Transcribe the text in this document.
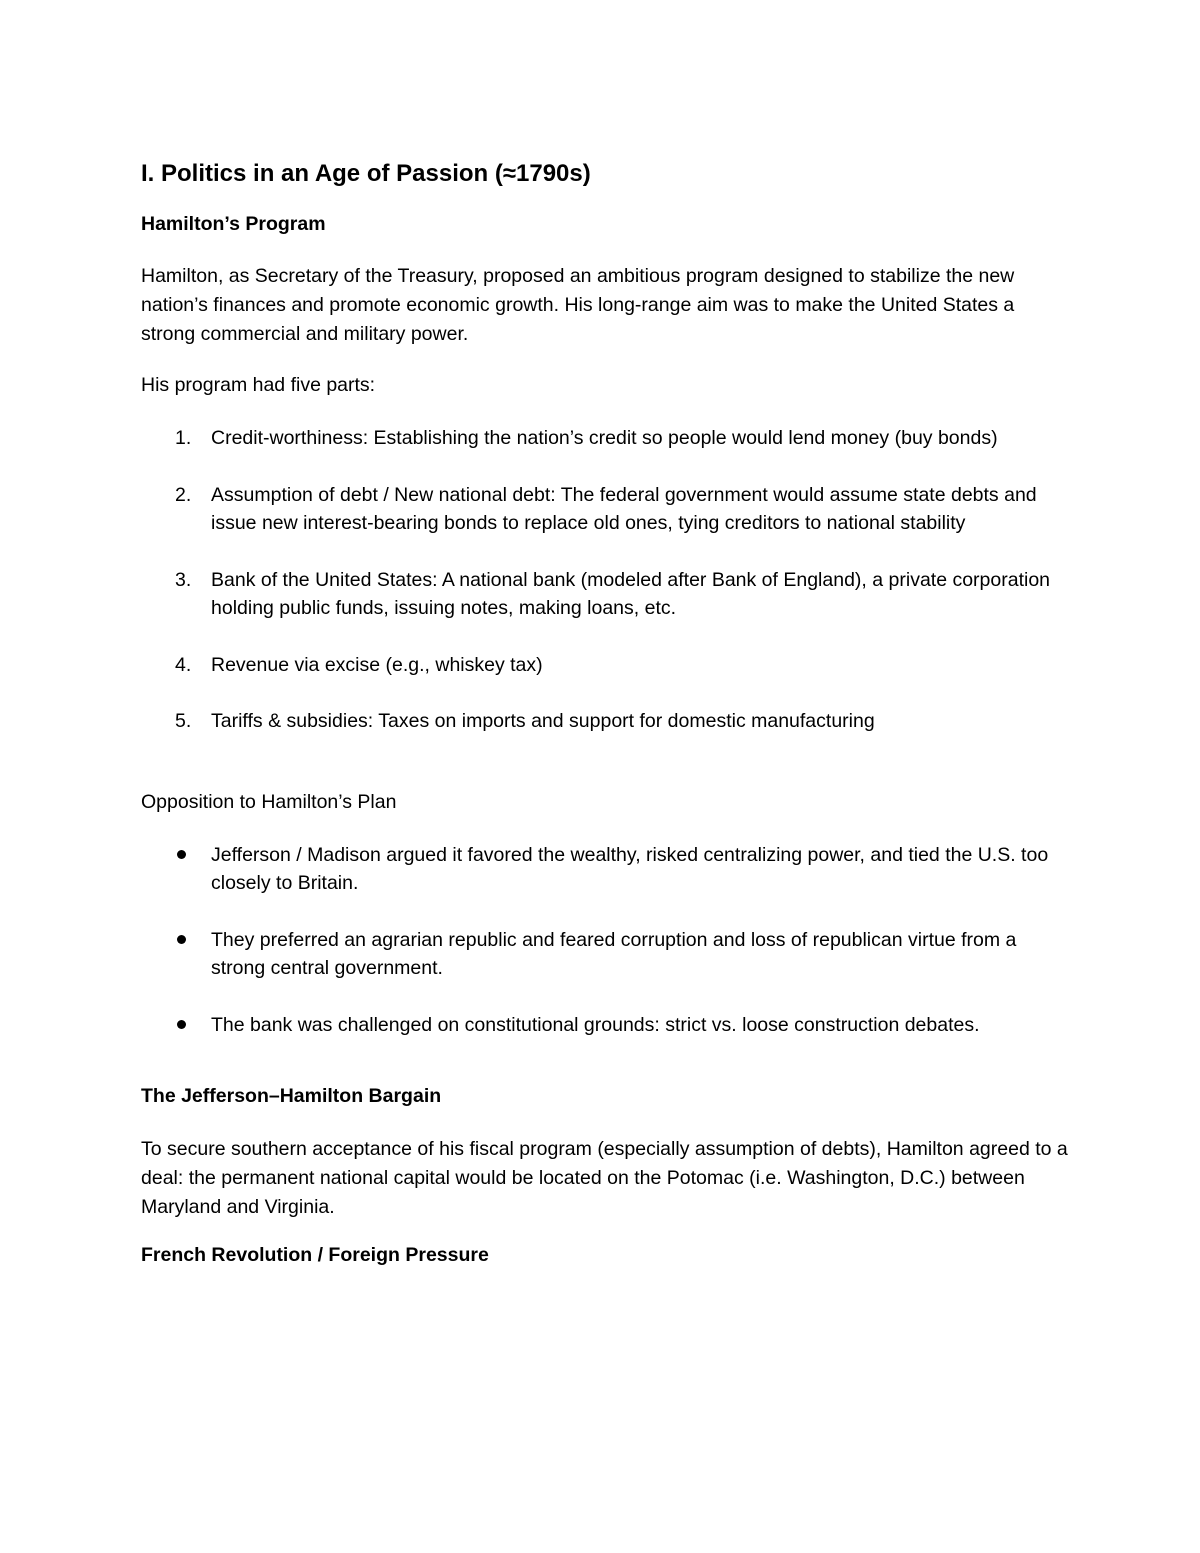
I. Politics in an Age of Passion (≈1790s)
Hamilton’s Program
Hamilton, as Secretary of the Treasury, proposed an ambitious program designed to stabilize the new nation’s finances and promote economic growth. His long-range aim was to make the United States a strong commercial and military power.
His program had five parts:
1.	Credit-worthiness: Establishing the nation’s credit so people would lend money (buy bonds)
2.	Assumption of debt / New national debt: The federal government would assume state debts and issue new interest-bearing bonds to replace old ones, tying creditors to national stability
3.	Bank of the United States: A national bank (modeled after Bank of England), a private corporation holding public funds, issuing notes, making loans, etc.
4.	Revenue via excise (e.g., whiskey tax)
5.	Tariffs & subsidies: Taxes on imports and support for domestic manufacturing
Opposition to Hamilton’s Plan
Jefferson / Madison argued it favored the wealthy, risked centralizing power, and tied the U.S. too closely to Britain.
They preferred an agrarian republic and feared corruption and loss of republican virtue from a strong central government.
The bank was challenged on constitutional grounds: strict vs. loose construction debates.
The Jefferson–Hamilton Bargain
To secure southern acceptance of his fiscal program (especially assumption of debts), Hamilton agreed to a deal: the permanent national capital would be located on the Potomac (i.e. Washington, D.C.) between Maryland and Virginia.
French Revolution / Foreign Pressure
